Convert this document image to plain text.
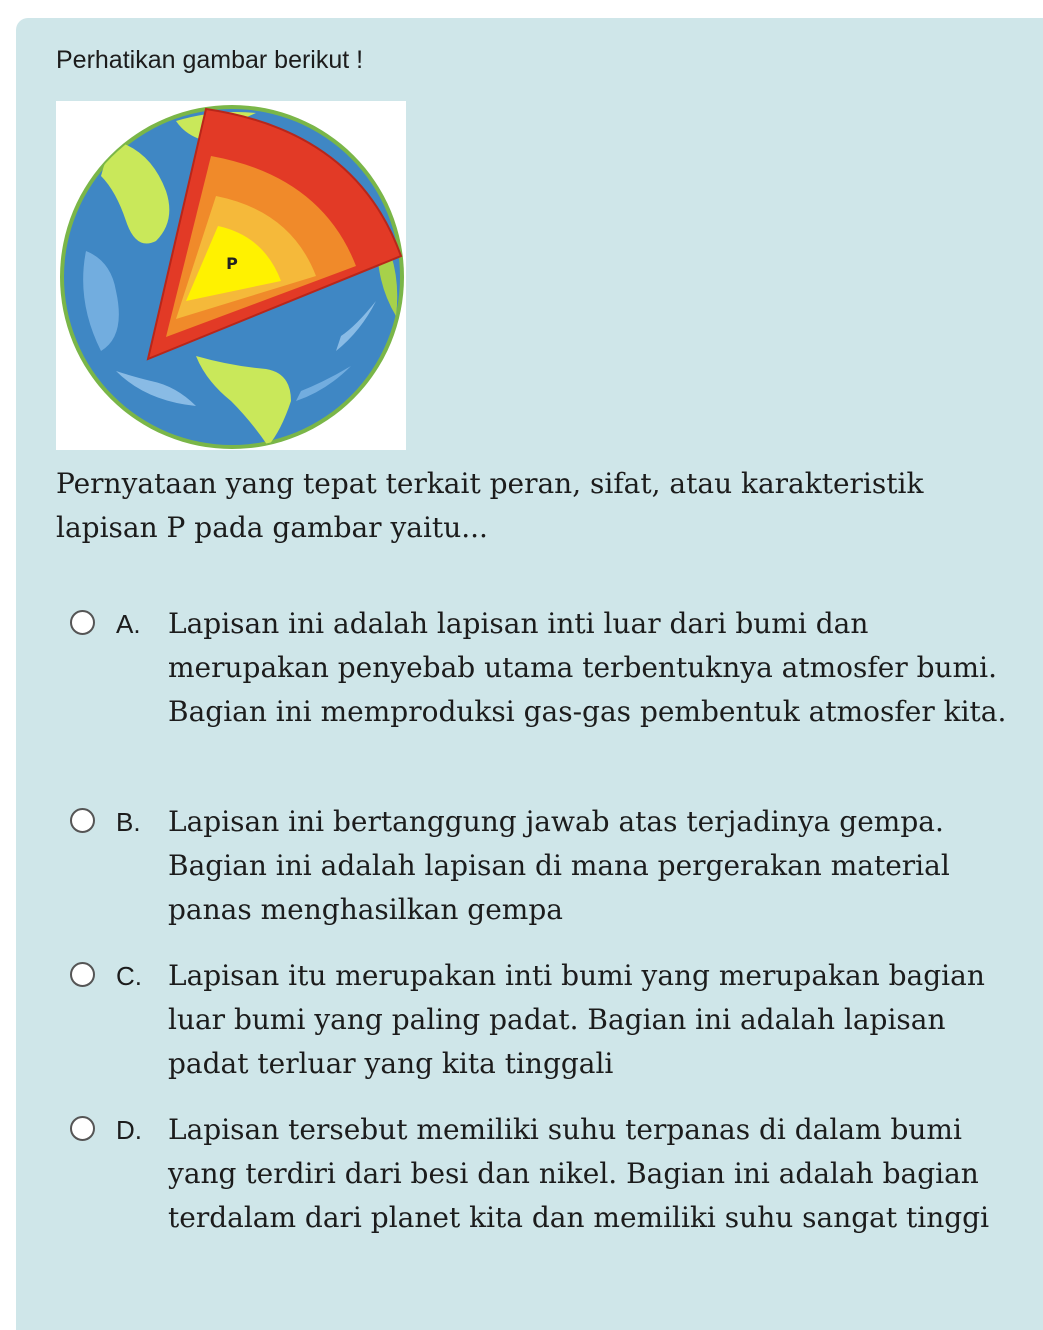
Perhatikan gambar berikut !

P

Pernyataan yang tepat terkait peran, sifat, atau karakteristik lapisan P pada gambar yaitu...

A. Lapisan ini adalah lapisan inti luar dari bumi dan merupakan penyebab utama terbentuknya atmosfer bumi. Bagian ini memproduksi gas-gas pembentuk atmosfer kita.

B. Lapisan ini bertanggung jawab atas terjadinya gempa. Bagian ini adalah lapisan di mana pergerakan material panas menghasilkan gempa

C. Lapisan itu merupakan inti bumi yang merupakan bagian luar bumi yang paling padat. Bagian ini adalah lapisan padat terluar yang kita tinggali

D. Lapisan tersebut memiliki suhu terpanas di dalam bumi yang terdiri dari besi dan nikel. Bagian ini adalah bagian terdalam dari planet kita dan memiliki suhu sangat tinggi
